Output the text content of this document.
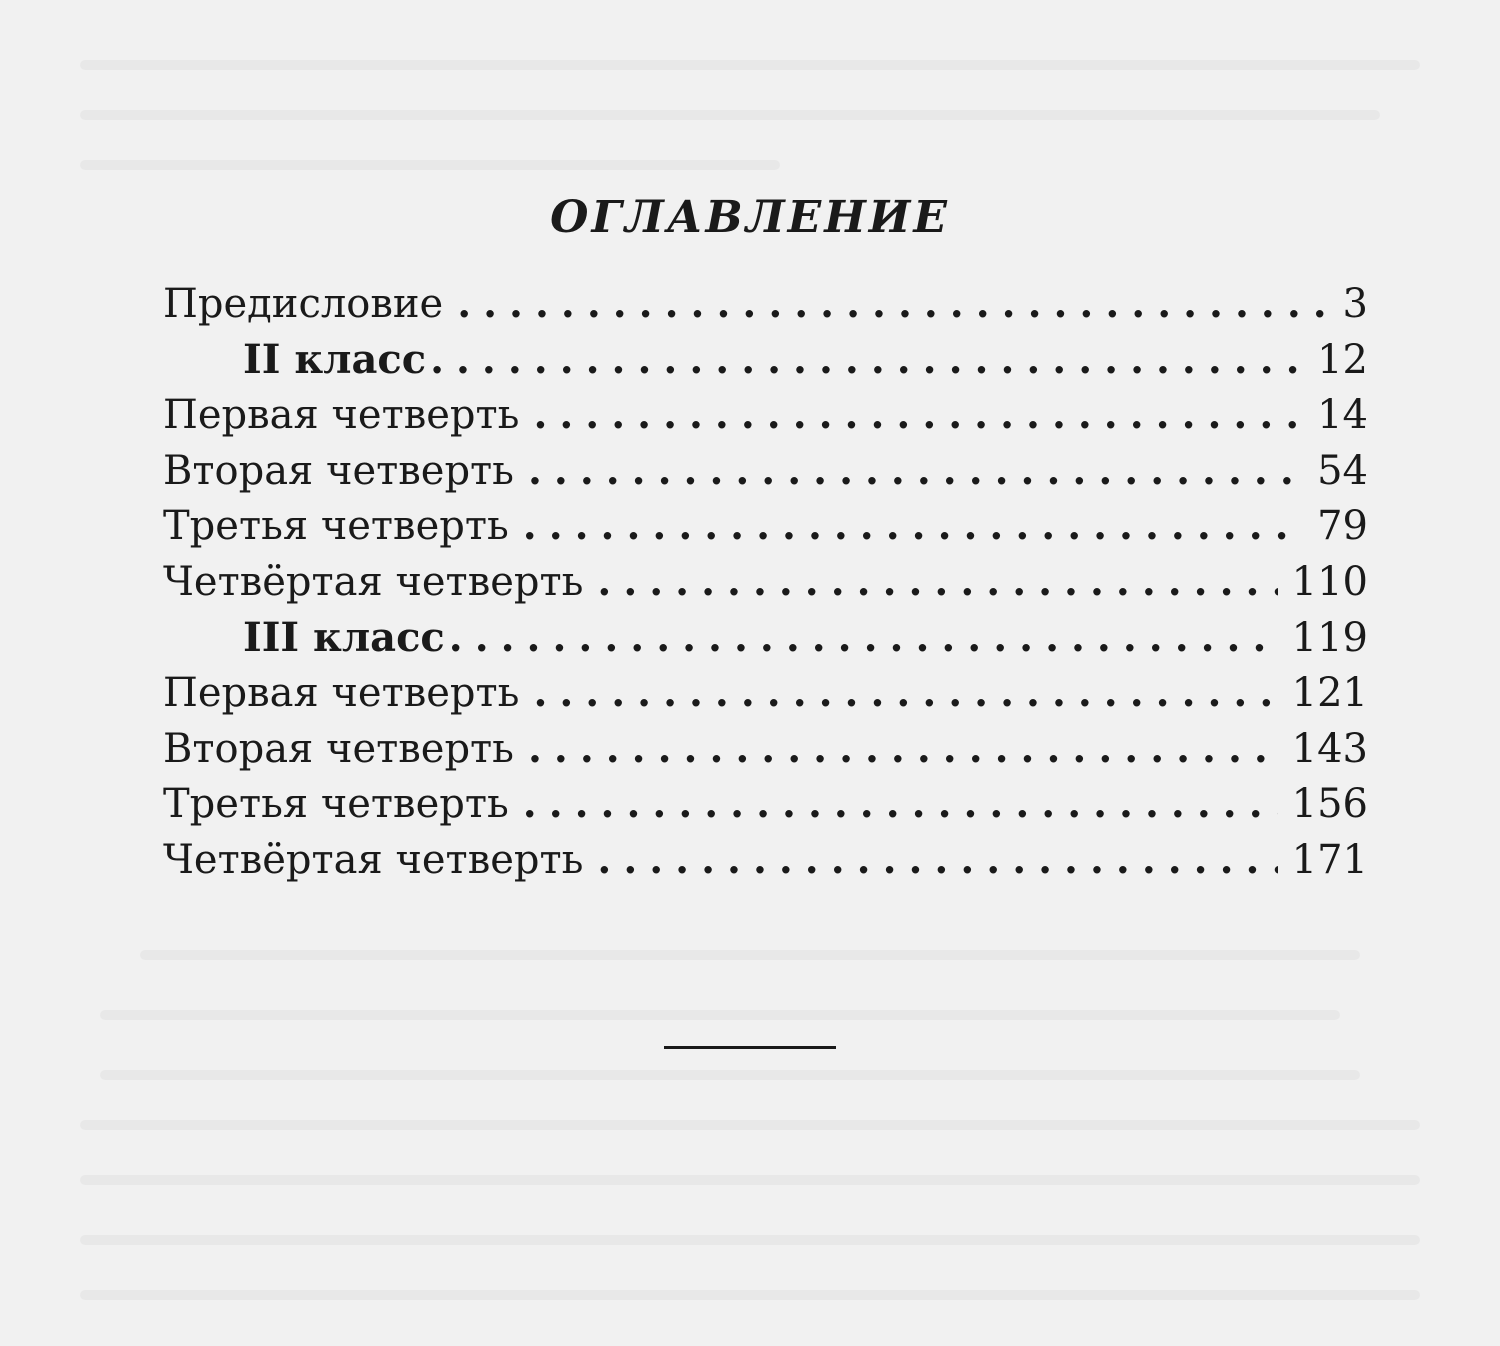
ОГЛАВЛЕНИЕ
Предисловие .....	3
II класс .....	12
Первая четверть .....	14
Вторая четверть .....	54
Третья четверть .....	79
Четвёртая четверть .....	110
III класс .....	119
Первая четверть .....	121
Вторая четверть .....	143
Третья четверть .....	156
Четвёртая четверть .....	171
